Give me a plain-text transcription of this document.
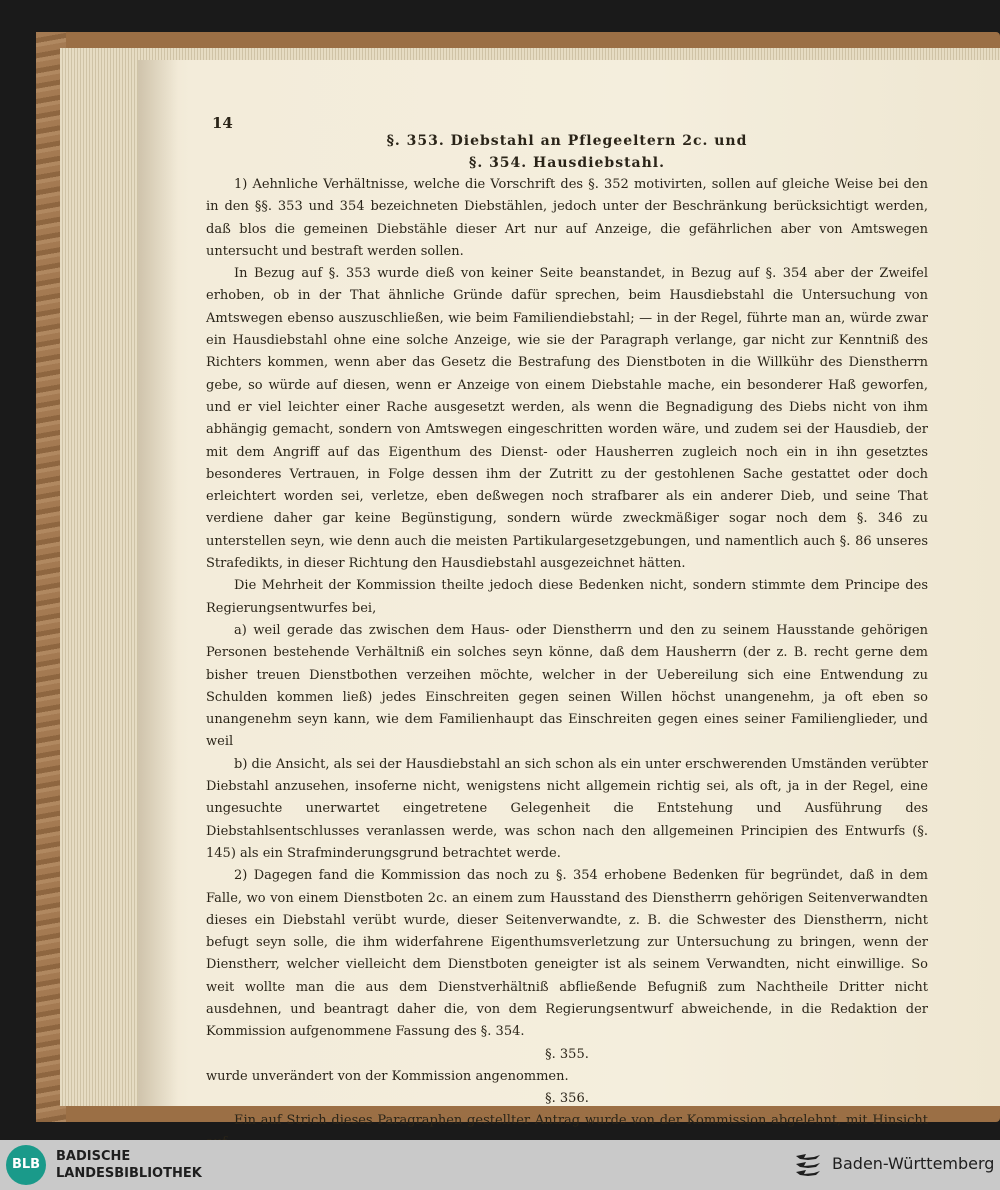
14
§. 353. Diebstahl an Pflegeeltern 2c. und
§. 354. Hausdiebstahl.

1) Aehnliche Verhältnisse, welche die Vorschrift des §. 352 motivirten, sollen auf gleiche Weise bei den in den §§. 353 und 354 bezeichneten Diebstählen, jedoch unter der Beschränkung berücksichtigt werden, daß blos die gemeinen Diebstähle dieser Art nur auf Anzeige, die gefährlichen aber von Amtswegen untersucht und bestraft werden sollen.

In Bezug auf §. 353 wurde dieß von keiner Seite beanstandet, in Bezug auf §. 354 aber der Zweifel erhoben, ob in der That ähnliche Gründe dafür sprechen, beim Hausdiebstahl die Untersuchung von Amtswegen ebenso auszuschließen, wie beim Familiendiebstahl; — in der Regel, führte man an, würde zwar ein Hausdiebstahl ohne eine solche Anzeige, wie sie der Paragraph verlange, gar nicht zur Kenntniß des Richters kommen, wenn aber das Gesetz die Bestrafung des Dienstboten in die Willkühr des Dienstherrn gebe, so würde auf diesen, wenn er Anzeige von einem Diebstahle mache, ein besonderer Haß geworfen, und er viel leichter einer Rache ausgesetzt werden, als wenn die Begnadigung des Diebs nicht von ihm abhängig gemacht, sondern von Amtswegen eingeschritten worden wäre, und zudem sei der Hausdieb, der mit dem Angriff auf das Eigenthum des Dienst- oder Hausherren zugleich noch ein in ihn gesetztes besonderes Vertrauen, in Folge dessen ihm der Zutritt zu der gestohlenen Sache gestattet oder doch erleichtert worden sei, verletze, eben deßwegen noch strafbarer als ein anderer Dieb, und seine That verdiene daher gar keine Begünstigung, sondern würde zweckmäßiger sogar noch dem §. 346 zu unterstellen seyn, wie denn auch die meisten Partikulargesetzgebungen, und namentlich auch §. 86 unseres Strafedikts, in dieser Richtung den Hausdiebstahl ausgezeichnet hätten.

Die Mehrheit der Kommission theilte jedoch diese Bedenken nicht, sondern stimmte dem Principe des Regierungsentwurfes bei,

a) weil gerade das zwischen dem Haus- oder Dienstherrn und den zu seinem Hausstande gehörigen Personen bestehende Verhältniß ein solches seyn könne, daß dem Hausherrn (der z. B. recht gerne dem bisher treuen Dienstbothen verzeihen möchte, welcher in der Uebereilung sich eine Entwendung zu Schulden kommen ließ) jedes Einschreiten gegen seinen Willen höchst unangenehm, ja oft eben so unangenehm seyn kann, wie dem Familienhaupt das Einschreiten gegen eines seiner Familienglieder, und weil

b) die Ansicht, als sei der Hausdiebstahl an sich schon als ein unter erschwerenden Umständen verübter Diebstahl anzusehen, insoferne nicht, wenigstens nicht allgemein richtig sei, als oft, ja in der Regel, eine ungesuchte unerwartet eingetretene Gelegenheit die Entstehung und Ausführung des Diebstahlsentschlusses veranlassen werde, was schon nach den allgemeinen Principien des Entwurfs (§. 145) als ein Strafminderungsgrund betrachtet werde.

2) Dagegen fand die Kommission das noch zu §. 354 erhobene Bedenken für begründet, daß in dem Falle, wo von einem Dienstboten 2c. an einem zum Hausstand des Dienstherrn gehörigen Seitenverwandten dieses ein Diebstahl verübt wurde, dieser Seitenverwandte, z. B. die Schwester des Dienstherrn, nicht befugt seyn solle, die ihm widerfahrene Eigenthumsverletzung zur Untersuchung zu bringen, wenn der Dienstherr, welcher vielleicht dem Dienstboten geneigter ist als seinem Verwandten, nicht einwillige. So weit wollte man die aus dem Dienstverhältniß abfließende Befugniß zum Nachtheile Dritter nicht ausdehnen, und beantragt daher die, von dem Regierungsentwurf abweichende, in die Redaktion der Kommission aufgenommene Fassung des §. 354.

§. 355.

wurde unverändert von der Kommission angenommen.

§. 356.

Ein auf Strich dieses Paragraphen gestellter Antrag wurde von der Kommission abgelehnt, mit Hinsicht

BLB
BADISCHE
LANDESBIBLIOTHEK
Baden-Württemberg
